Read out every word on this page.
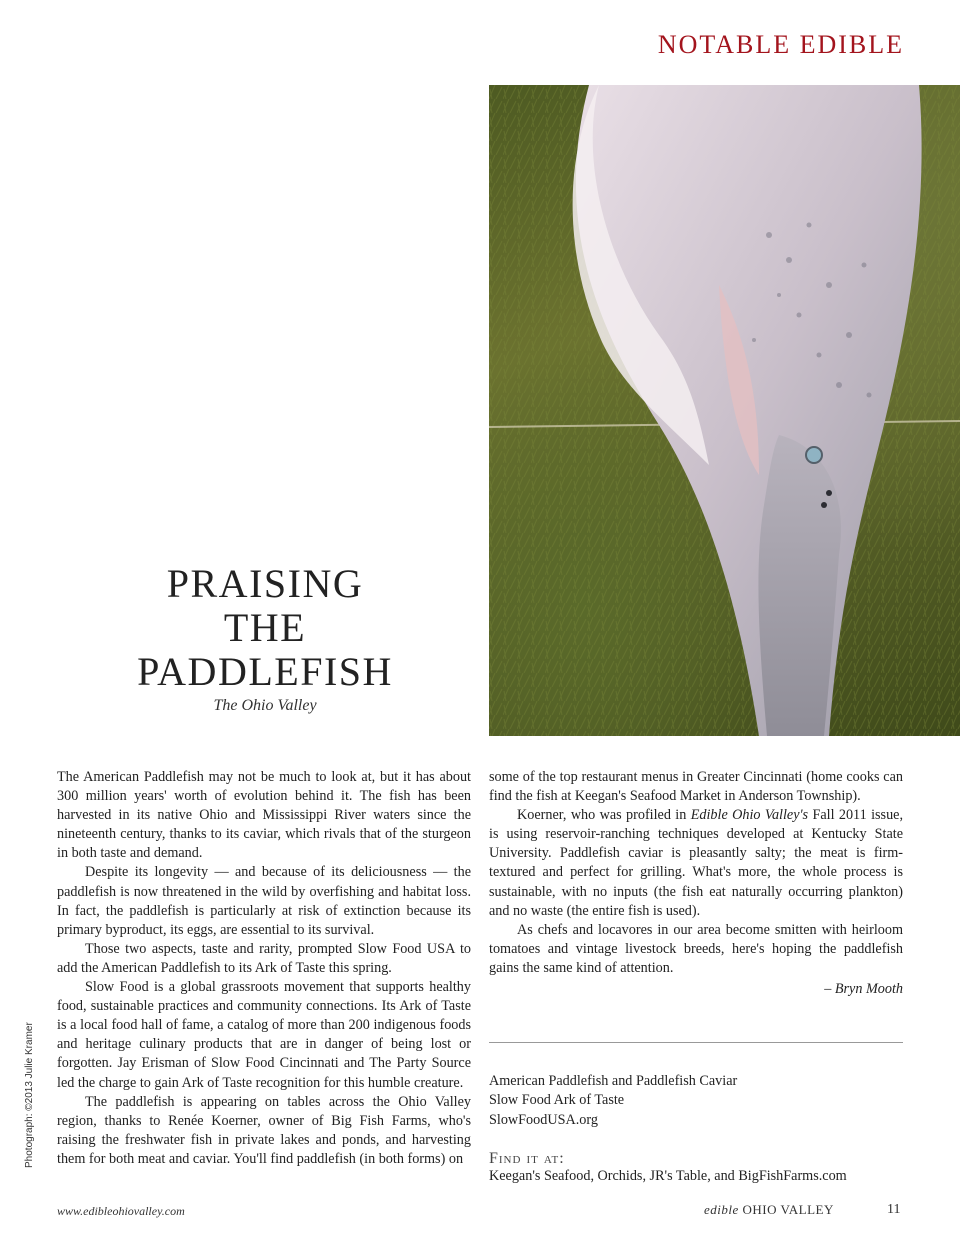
NOTABLE EDIBLE
PRAISING
THE
PADDLEFISH
The Ohio Valley

The American Paddlefish may not be much to look at, but it has about 300 million years' worth of evolution behind it. The fish has been harvested in its native Ohio and Mississippi River waters since the nineteenth century, thanks to its caviar, which rivals that of the sturgeon in both taste and demand.

Despite its longevity — and because of its deliciousness — the paddlefish is now threatened in the wild by overfishing and habitat loss. In fact, the paddlefish is particularly at risk of extinction because its primary byproduct, its eggs, are essential to its survival.

Those two aspects, taste and rarity, prompted Slow Food USA to add the American Paddlefish to its Ark of Taste this spring.

Slow Food is a global grassroots movement that supports healthy food, sustainable practices and community connections. Its Ark of Taste is a local food hall of fame, a catalog of more than 200 indigenous foods and heritage culinary products that are in danger of being lost or forgotten. Jay Erisman of Slow Food Cincinnati and The Party Source led the charge to gain Ark of Taste recognition for this humble creature.

The paddlefish is appearing on tables across the Ohio Valley region, thanks to Renée Koerner, owner of Big Fish Farms, who's raising the freshwater fish in private lakes and ponds, and harvesting them for both meat and caviar. You'll find paddlefish (in both forms) on

some of the top restaurant menus in Greater Cincinnati (home cooks can find the fish at Keegan's Seafood Market in Anderson Township).

Koerner, who was profiled in Edible Ohio Valley's Fall 2011 issue, is using reservoir-ranching techniques developed at Kentucky State University. Paddlefish caviar is pleasantly salty; the meat is firm-textured and perfect for grilling. What's more, the whole process is sustainable, with no inputs (the fish eat naturally occurring plankton) and no waste (the entire fish is used).

As chefs and locavores in our area become smitten with heirloom tomatoes and vintage livestock breeds, here's hoping the paddlefish gains the same kind of attention.

– Bryn Mooth
American Paddlefish and Paddlefish Caviar
Slow Food Ark of Taste
SlowFoodUSA.org
Find it at:
Keegan's Seafood, Orchids, JR's Table, and BigFishFarms.com
Photograph: ©2013 Julie Kramer
www.edibleohiovalley.com	edible OHIO VALLEY	11
